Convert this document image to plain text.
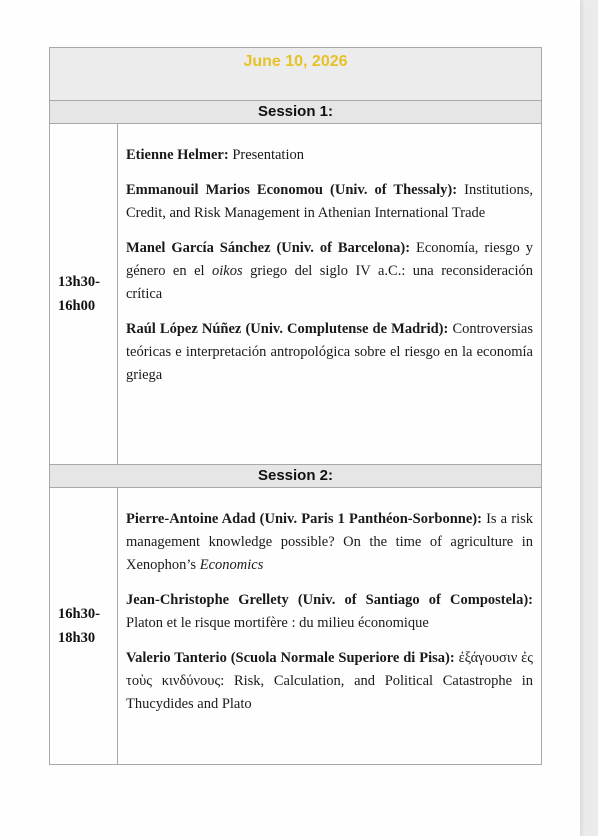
June 10, 2026
Session 1:
13h30-
16h00

Etienne Helmer: Presentation

Emmanouil Marios Economou (Univ. of Thessaly): Institutions, Credit, and Risk Management in Athenian International Trade

Manel García Sánchez (Univ. of Barcelona): Economía, riesgo y género en el oikos griego del siglo IV a.C.: una reconsideración crítica

Raúl López Núñez (Univ. Complutense de Madrid): Controversias teóricas e interpretación antropológica sobre el riesgo en la economía griega

Session 2:
16h30-
18h30

Pierre-Antoine Adad (Univ. Paris 1 Panthéon-Sorbonne): Is a risk management knowledge possible? On the time of agriculture in Xenophon’s Economics

Jean-Christophe Grellety (Univ. of Santiago of Compostela): Platon et le risque mortifère : du milieu économique

Valerio Tanterio (Scuola Normale Superiore di Pisa): ἐξάγουσιν ἐς τοὺς κινδύνους: Risk, Calculation, and Political Catastrophe in Thucydides and Plato
